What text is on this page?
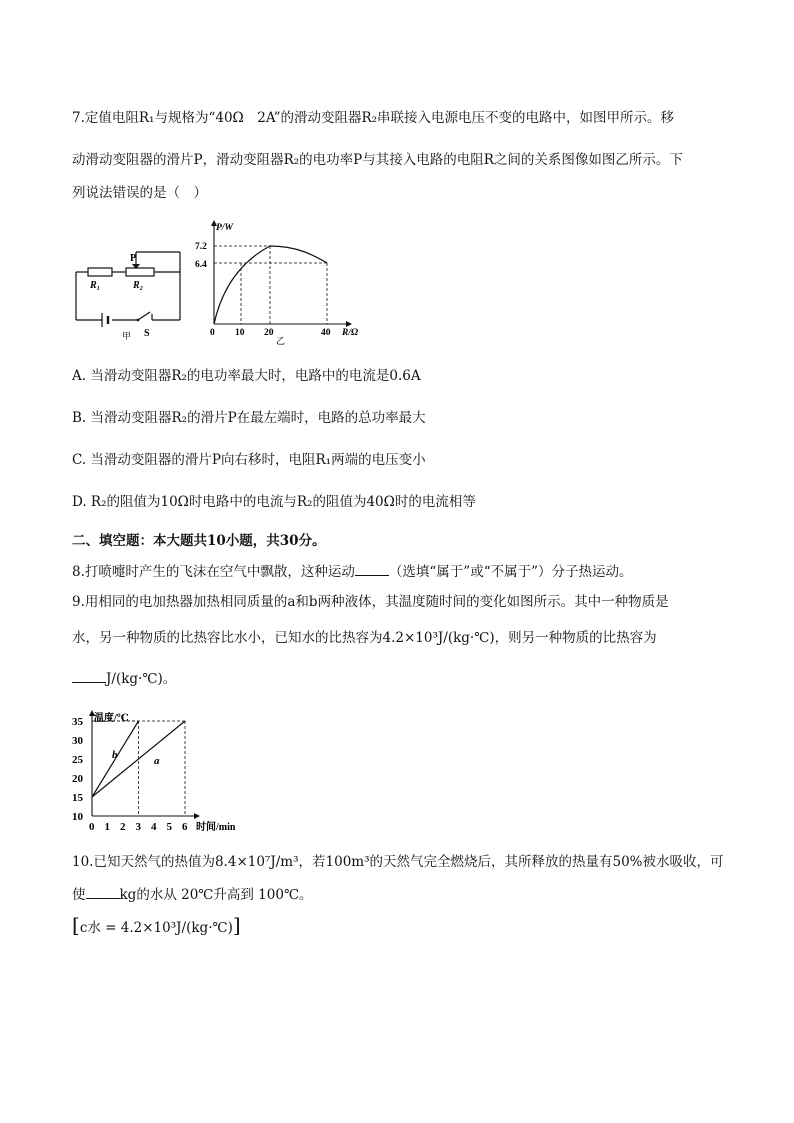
7.定值电阻R₁与规格为“40Ω　2A”的滑动变阻器R₂串联接入电源电压不变的电路中，如图甲所示。移
动滑动变阻器的滑片P，滑动变阻器R₂的电功率P与其接入电路的电阻R之间的关系图像如图乙所示。下
列说法错误的是（　）
P
R₁	R₂
S
甲
P/W
7.2
6.4
0 10 20	40 R/Ω
乙
A. 当滑动变阻器R₂的电功率最大时，电路中的电流是0.6A
B. 当滑动变阻器R₂的滑片P在最左端时，电路的总功率最大
C. 当滑动变阻器的滑片P向右移时，电阻R₁两端的电压变小
D. R₂的阻值为10Ω时电路中的电流与R₂的阻值为40Ω时的电流相等
二、填空题：本大题共10小题，共30分。
8.打喷嚏时产生的飞沫在空气中飘散，这种运动	（选填“属于”或“不属于”）分子热运动。
9.用相同的电加热器加热相同质量的a和b两种液体，其温度随时间的变化如图所示。其中一种物质是
水，另一种物质的比热容比水小，已知水的比热容为4.2×10³J/(kg·℃)，则另一种物质的比热容为
J/(kg·℃)。
35
30
25
20
15
10
0 1 2 3 4 5 6
温度/℃
时间/min
b	a
10.已知天然气的热值为8.4×10⁷J/m³，若100m³的天然气完全燃烧后，其所释放的热量有50%被水吸收，可
使	kg的水从 20℃升高到 100℃。
[c水 = 4.2×10³J/(kg·℃)]
